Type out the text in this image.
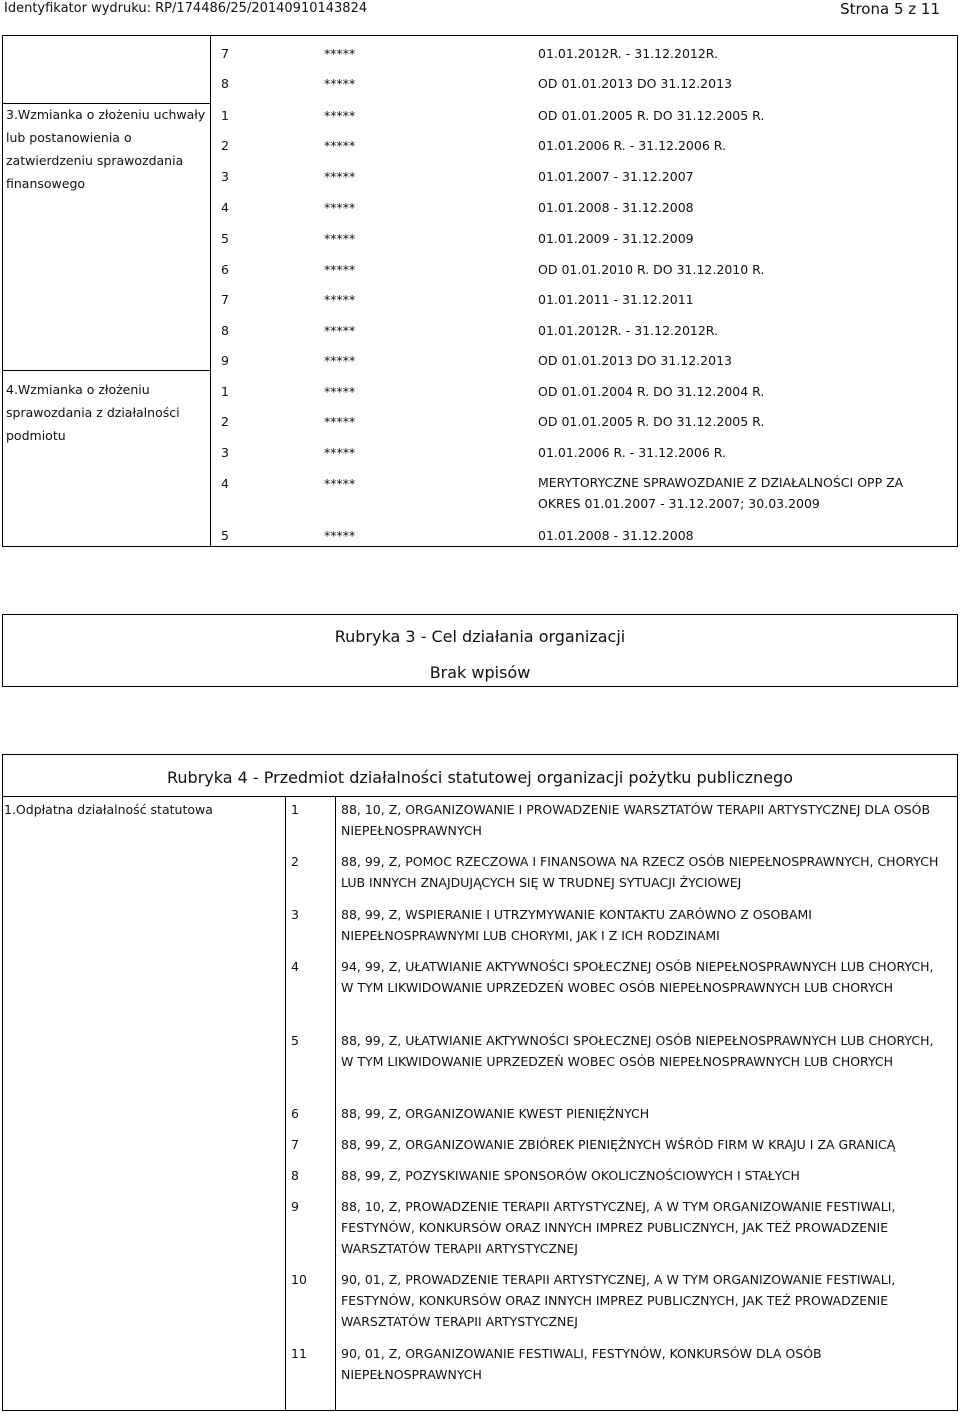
Identyfikator wydruku: RP/174486/25/20140910143824	Strona 5 z 11
7	*****	01.01.2012R. - 31.12.2012R.
8	*****	OD 01.01.2013 DO 31.12.2013
3.Wzmianka o złożeniu uchwały lub postanowienia o zatwierdzeniu sprawozdania finansowego
1	*****	OD 01.01.2005 R. DO 31.12.2005 R.
2	*****	01.01.2006 R. - 31.12.2006 R.
3	*****	01.01.2007 - 31.12.2007
4	*****	01.01.2008 - 31.12.2008
5	*****	01.01.2009 - 31.12.2009
6	*****	OD 01.01.2010 R. DO 31.12.2010 R.
7	*****	01.01.2011 - 31.12.2011
8	*****	01.01.2012R. - 31.12.2012R.
9	*****	OD 01.01.2013 DO 31.12.2013
4.Wzmianka o złożeniu sprawozdania z działalności podmiotu
1	*****	OD 01.01.2004 R. DO 31.12.2004 R.
2	*****	OD 01.01.2005 R. DO 31.12.2005 R.
3	*****	01.01.2006 R. - 31.12.2006 R.
4	*****	MERYTORYCZNE SPRAWOZDANIE Z DZIAŁALNOŚCI OPP ZA OKRES 01.01.2007 - 31.12.2007; 30.03.2009
5	*****	01.01.2008 - 31.12.2008
Rubryka 3 - Cel działania organizacji
Brak wpisów
Rubryka 4 - Przedmiot działalności statutowej organizacji pożytku publicznego
1.Odpłatna działalność statutowa	1	88, 10, Z, ORGANIZOWANIE I PROWADZENIE WARSZTATÓW TERAPII ARTYSTYCZNEJ DLA OSÓB NIEPEŁNOSPRAWNYCH
2	88, 99, Z, POMOC RZECZOWA I FINANSOWA NA RZECZ OSÓB NIEPEŁNOSPRAWNYCH, CHORYCH LUB INNYCH ZNAJDUJĄCYCH SIĘ W TRUDNEJ SYTUACJI ŻYCIOWEJ
3	88, 99, Z, WSPIERANIE I UTRZYMYWANIE KONTAKTU ZARÓWNO Z OSOBAMI NIEPEŁNOSPRAWNYMI LUB CHORYMI, JAK I Z ICH RODZINAMI
4	94, 99, Z, UŁATWIANIE AKTYWNOŚCI SPOŁECZNEJ OSÓB NIEPEŁNOSPRAWNYCH LUB CHORYCH, W TYM LIKWIDOWANIE UPRZEDZEŃ WOBEC OSÓB NIEPEŁNOSPRAWNYCH LUB CHORYCH
5	88, 99, Z, UŁATWIANIE AKTYWNOŚCI SPOŁECZNEJ OSÓB NIEPEŁNOSPRAWNYCH LUB CHORYCH, W TYM LIKWIDOWANIE UPRZEDZEŃ WOBEC OSÓB NIEPEŁNOSPRAWNYCH LUB CHORYCH
6	88, 99, Z, ORGANIZOWANIE KWEST PIENIĘŻNYCH
7	88, 99, Z, ORGANIZOWANIE ZBIÓREK PIENIĘŻNYCH WŚRÓD FIRM W KRAJU I ZA GRANICĄ
8	88, 99, Z, POZYSKIWANIE SPONSORÓW OKOLICZNOŚCIOWYCH I STAŁYCH
9	88, 10, Z, PROWADZENIE TERAPII ARTYSTYCZNEJ, A W TYM ORGANIZOWANIE FESTIWALI, FESTYNÓW, KONKURSÓW ORAZ INNYCH IMPREZ PUBLICZNYCH, JAK TEŻ PROWADZENIE WARSZTATÓW TERAPII ARTYSTYCZNEJ
10	90, 01, Z, PROWADZENIE TERAPII ARTYSTYCZNEJ, A W TYM ORGANIZOWANIE FESTIWALI, FESTYNÓW, KONKURSÓW ORAZ INNYCH IMPREZ PUBLICZNYCH, JAK TEŻ PROWADZENIE WARSZTATÓW TERAPII ARTYSTYCZNEJ
11	90, 01, Z, ORGANIZOWANIE FESTIWALI, FESTYNÓW, KONKURSÓW DLA OSÓB NIEPEŁNOSPRAWNYCH
